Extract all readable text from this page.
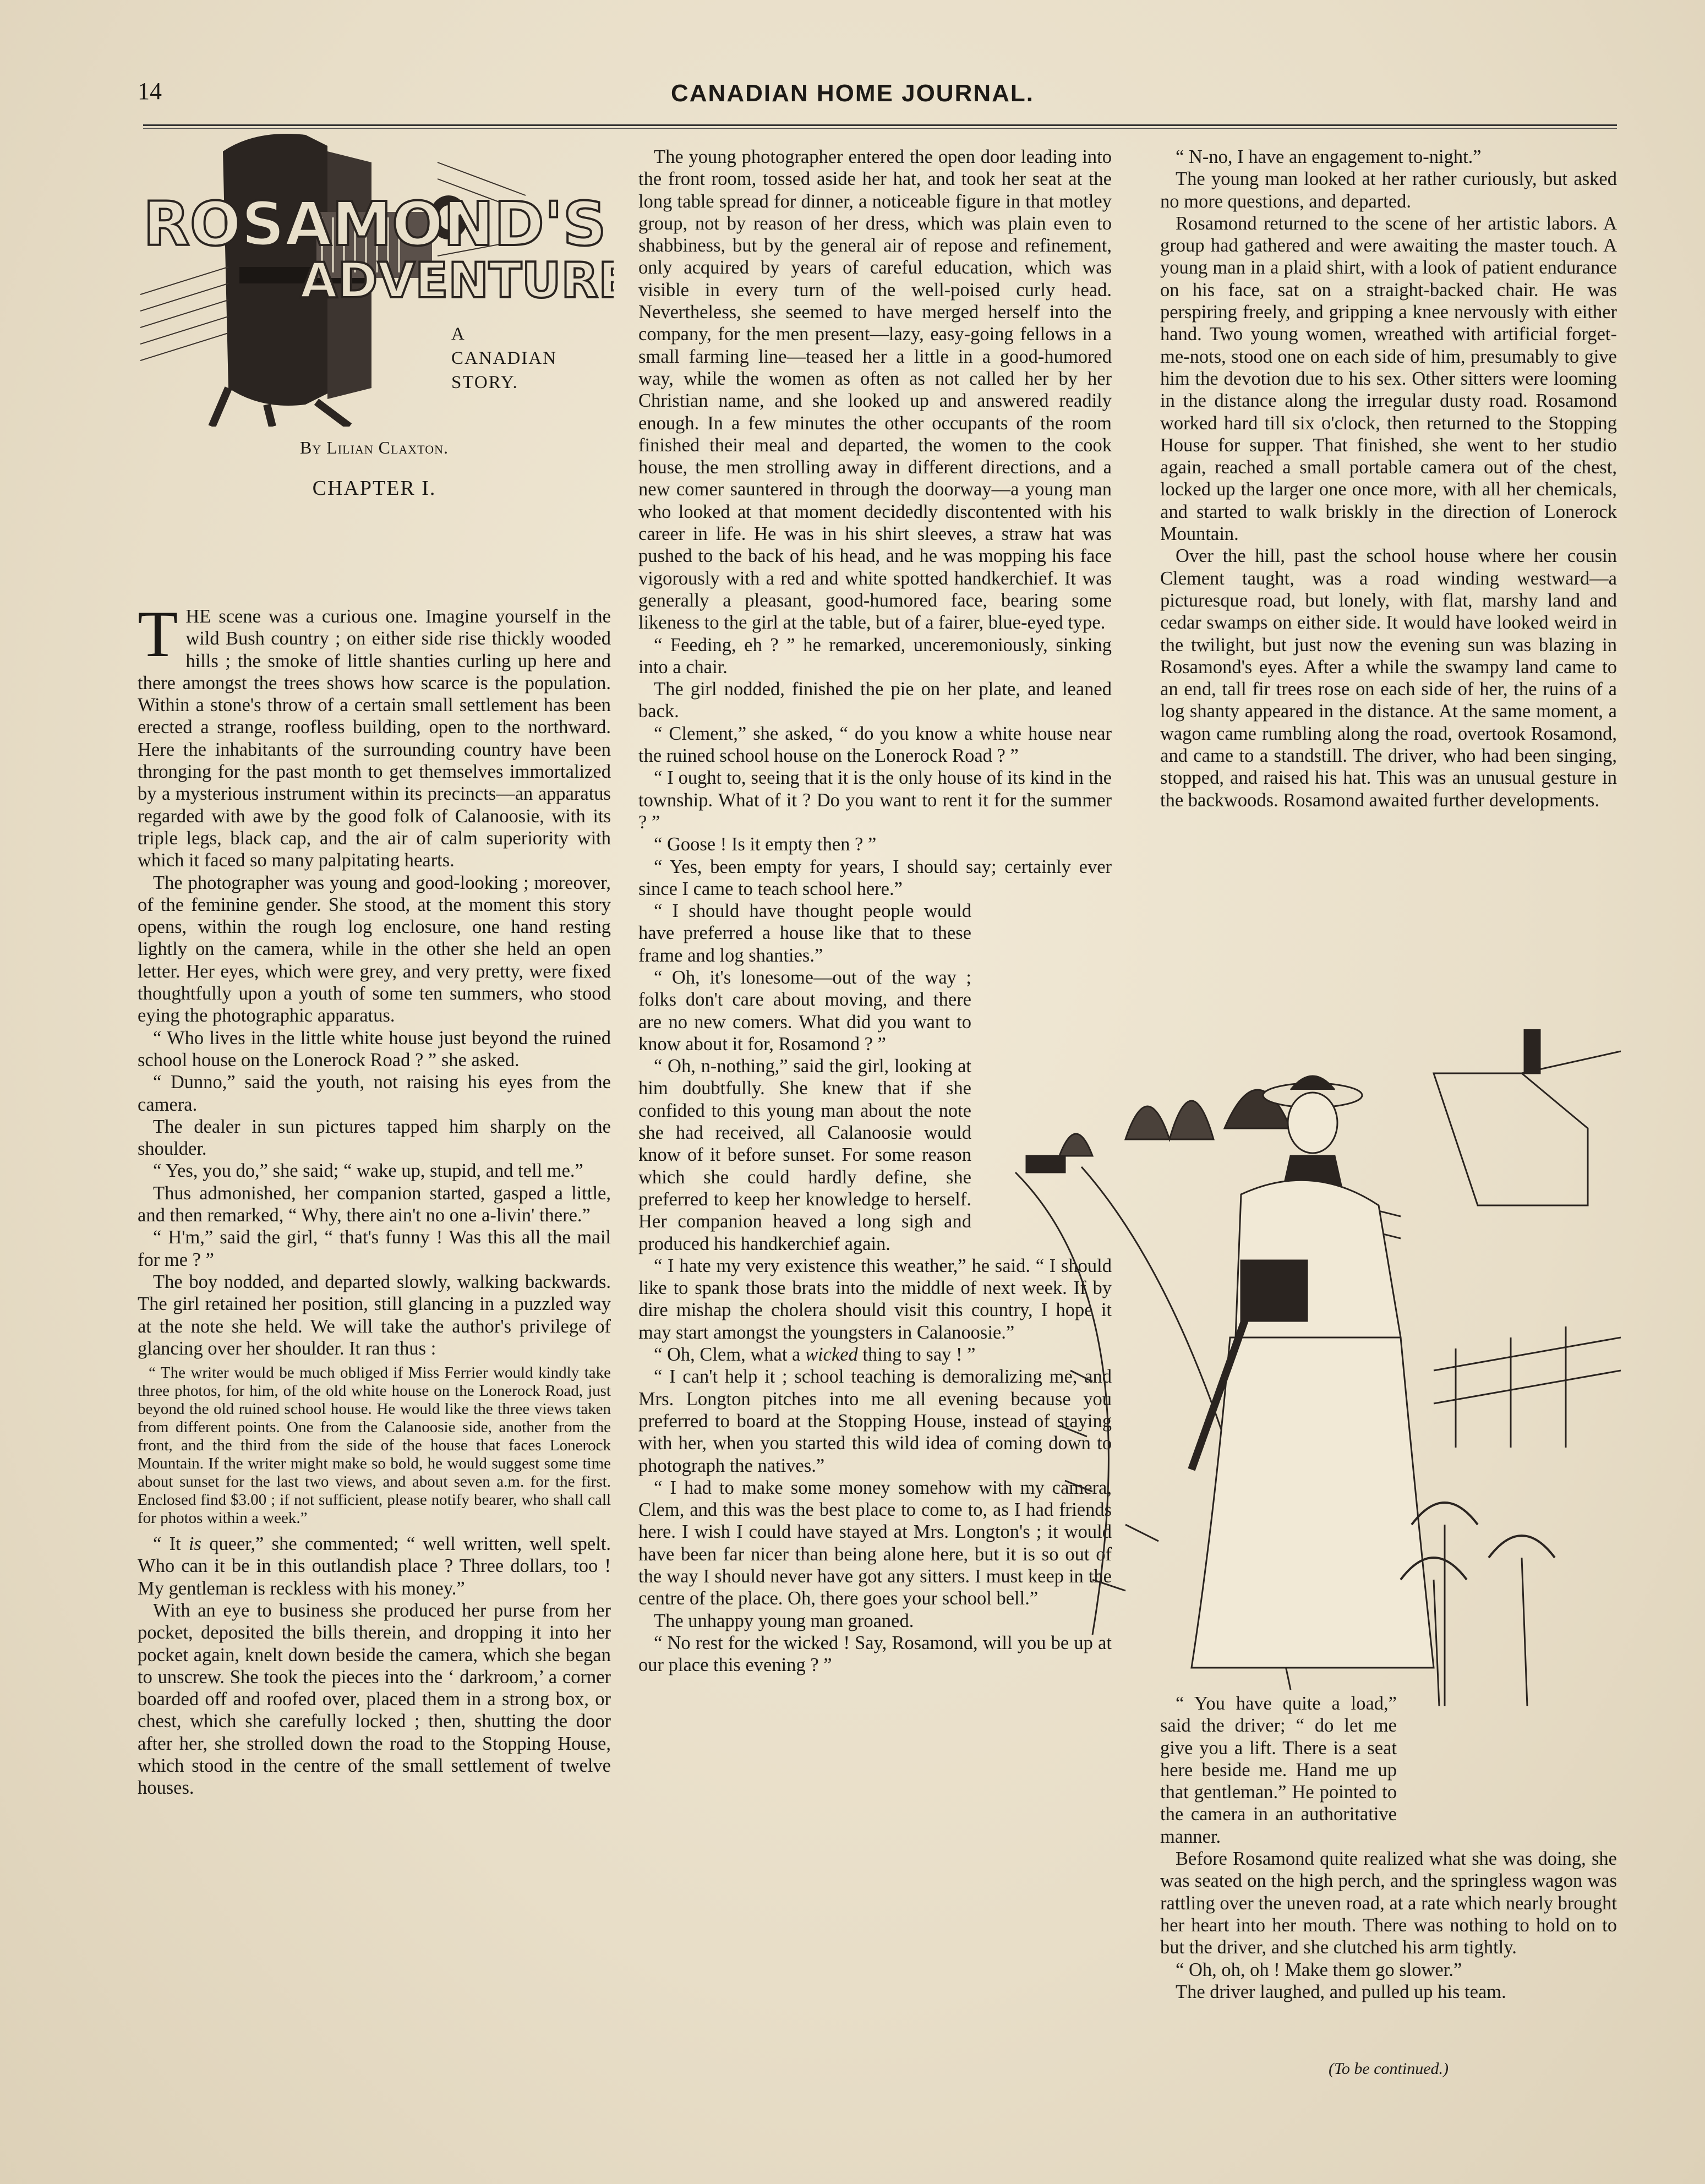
14	CANADIAN HOME JOURNAL.
ROSAMOND'S
ADVENTURE
A
CANADIAN
STORY.
By Lilian Claxton.
CHAPTER I.

THE scene was a curious one. Imagine yourself in the wild Bush country ; on either side rise thickly wooded hills ; the smoke of little shanties curling up here and there amongst the trees shows how scarce is the population. Within a stone's throw of a certain small settlement has been erected a strange, roofless building, open to the northward. Here the inhabitants of the surrounding country have been thronging for the past month to get themselves immortalized by a mysterious instrument within its precincts—an apparatus regarded with awe by the good folk of Calanoosie, with its triple legs, black cap, and the air of calm superiority with which it faced so many palpitating hearts.

The photographer was young and good-looking ; moreover, of the feminine gender. She stood, at the moment this story opens, within the rough log enclosure, one hand resting lightly on the camera, while in the other she held an open letter. Her eyes, which were grey, and very pretty, were fixed thoughtfully upon a youth of some ten summers, who stood eying the photographic apparatus.

“ Who lives in the little white house just beyond the ruined school house on the Lonerock Road ? ” she asked.

“ Dunno,” said the youth, not raising his eyes from the camera.

The dealer in sun pictures tapped him sharply on the shoulder.

“ Yes, you do,” she said; “ wake up, stupid, and tell me.”

Thus admonished, her companion started, gasped a little, and then remarked, “ Why, there ain't no one a-livin' there.”

“ H'm,” said the girl, “ that's funny ! Was this all the mail for me ? ”

The boy nodded, and departed slowly, walking backwards. The girl retained her position, still glancing in a puzzled way at the note she held. We will take the author's privilege of glancing over her shoulder. It ran thus :

“ The writer would be much obliged if Miss Ferrier would kindly take three photos, for him, of the old white house on the Lonerock Road, just beyond the old ruined school house. He would like the three views taken from different points. One from the Calanoosie side, another from the front, and the third from the side of the house that faces Lonerock Mountain. If the writer might make so bold, he would suggest some time about sunset for the last two views, and about seven a.m. for the first. Enclosed find $3.00 ; if not sufficient, please notify bearer, who shall call for photos within a week.”

“ It is queer,” she commented; “ well written, well spelt. Who can it be in this outlandish place ? Three dollars, too ! My gentleman is reckless with his money.”

With an eye to business she produced her purse from her pocket, deposited the bills therein, and dropping it into her pocket again, knelt down beside the camera, which she began to unscrew. She took the pieces into the ‘ darkroom,’ a corner boarded off and roofed over, placed them in a strong box, or chest, which she carefully locked ; then, shutting the door after her, she strolled down the road to the Stopping House, which stood in the centre of the small settlement of twelve houses.

The young photographer entered the open door leading into the front room, tossed aside her hat, and took her seat at the long table spread for dinner, a noticeable figure in that motley group, not by reason of her dress, which was plain even to shabbiness, but by the general air of repose and refinement, only acquired by years of careful education, which was visible in every turn of the well-poised curly head. Nevertheless, she seemed to have merged herself into the company, for the men present—lazy, easy-going fellows in a small farming line—teased her a little in a good-humored way, while the women as often as not called her by her Christian name, and she looked up and answered readily enough. In a few minutes the other occupants of the room finished their meal and departed, the women to the cook house, the men strolling away in different directions, and a new comer sauntered in through the doorway—a young man who looked at that moment decidedly discontented with his career in life. He was in his shirt sleeves, a straw hat was pushed to the back of his head, and he was mopping his face vigorously with a red and white spotted handkerchief. It was generally a pleasant, good-humored face, bearing some likeness to the girl at the table, but of a fairer, blue-eyed type.

“ Feeding, eh ? ” he remarked, unceremoniously, sinking into a chair.

The girl nodded, finished the pie on her plate, and leaned back.

“ Clement,” she asked, “ do you know a white house near the ruined school house on the Lonerock Road ? ”

“ I ought to, seeing that it is the only house of its kind in the township. What of it ? Do you want to rent it for the summer ? ”

“ Goose ! Is it empty then ? ”

“ Yes, been empty for years, I should say; certainly ever since I came to teach school here.”

“ I should have thought people would have preferred a house like that to these frame and log shanties.”

“ Oh, it's lonesome—out of the way ; folks don't care about moving, and there are no new comers. What did you want to know about it for, Rosamond ? ”

“ Oh, n-nothing,” said the girl, looking at him doubtfully. She knew that if she confided to this young man about the note she had received, all Calanoosie would know of it before sunset. For some reason which she could hardly define, she preferred to keep her knowledge to herself. Her companion heaved a long sigh and produced his handkerchief again.

“ I hate my very existence this weather,” he said. “ I should like to spank those brats into the middle of next week. If by dire mishap the cholera should visit this country, I hope it may start amongst the youngsters in Calanoosie.”

“ Oh, Clem, what a wicked thing to say ! ”

“ I can't help it ; school teaching is demoralizing me, and Mrs. Longton pitches into me all evening because you preferred to board at the Stopping House, instead of staying with her, when you started this wild idea of coming down to photograph the natives.”

“ I had to make some money somehow with my camera, Clem, and this was the best place to come to, as I had friends here. I wish I could have stayed at Mrs. Longton's ; it would have been far nicer than being alone here, but it is so out of the way I should never have got any sitters. I must keep in the centre of the place. Oh, there goes your school bell.”

The unhappy young man groaned.

“ No rest for the wicked ! Say, Rosamond, will you be up at our place this evening ? ”

“ N-no, I have an engagement to-night.”

The young man looked at her rather curiously, but asked no more questions, and departed.

Rosamond returned to the scene of her artistic labors. A group had gathered and were awaiting the master touch. A young man in a plaid shirt, with a look of patient endurance on his face, sat on a straight-backed chair. He was perspiring freely, and gripping a knee nervously with either hand. Two young women, wreathed with artificial forget-me-nots, stood one on each side of him, presumably to give him the devotion due to his sex. Other sitters were looming in the distance along the irregular dusty road. Rosamond worked hard till six o'clock, then returned to the Stopping House for supper. That finished, she went to her studio again, reached a small portable camera out of the chest, locked up the larger one once more, with all her chemicals, and started to walk briskly in the direction of Lonerock Mountain.

Over the hill, past the school house where her cousin Clement taught, was a road winding westward—a picturesque road, but lonely, with flat, marshy land and cedar swamps on either side. It would have looked weird in the twilight, but just now the evening sun was blazing in Rosamond's eyes. After a while the swampy land came to an end, tall fir trees rose on each side of her, the ruins of a log shanty appeared in the distance. At the same moment, a wagon came rumbling along the road, overtook Rosamond, and came to a standstill. The driver, who had been singing, stopped, and raised his hat. This was an unusual gesture in the backwoods. Rosamond awaited further developments.

“ You have quite a load,” said the driver; “ do let me give you a lift. There is a seat here beside me. Hand me up that gentleman.” He pointed to the camera in an authoritative manner.

Before Rosamond quite realized what she was doing, she was seated on the high perch, and the springless wagon was rattling over the uneven road, at a rate which nearly brought her heart into her mouth. There was nothing to hold on to but the driver, and she clutched his arm tightly.

“ Oh, oh, oh ! Make them go slower.”

The driver laughed, and pulled up his team.

(To be continued.)
